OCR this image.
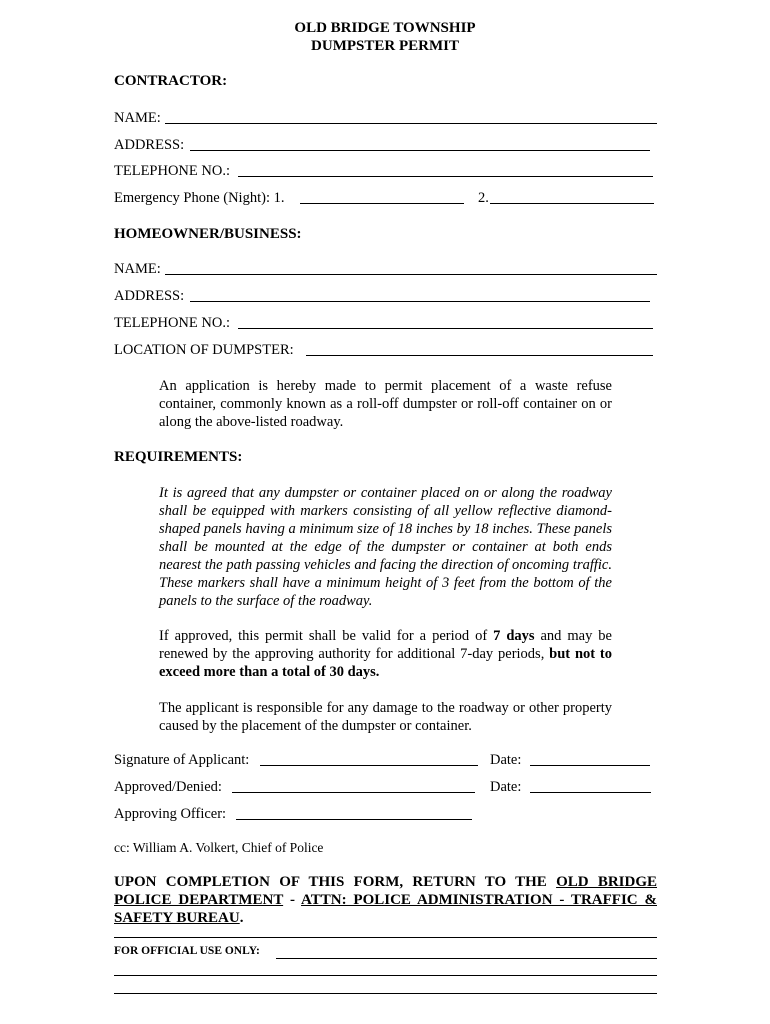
OLD BRIDGE TOWNSHIP
DUMPSTER PERMIT
CONTRACTOR:
NAME:
ADDRESS:
TELEPHONE NO.:
Emergency Phone (Night): 1.	2.
HOMEOWNER/BUSINESS:
NAME:
ADDRESS:
TELEPHONE NO.:
LOCATION OF DUMPSTER:
An application is hereby made to permit placement of a waste refuse container, commonly known as a roll-off dumpster or roll-off container on or along the above-listed roadway.
REQUIREMENTS:
It is agreed that any dumpster or container placed on or along the roadway shall be equipped with markers consisting of all yellow reflective diamond-shaped panels having a minimum size of 18 inches by 18 inches. These panels shall be mounted at the edge of the dumpster or container at both ends nearest the path passing vehicles and facing the direction of oncoming traffic. These markers shall have a minimum height of 3 feet from the bottom of the panels to the surface of the roadway.
If approved, this permit shall be valid for a period of 7 days and may be renewed by the approving authority for additional 7-day periods, but not to exceed more than a total of 30 days.
The applicant is responsible for any damage to the roadway or other property caused by the placement of the dumpster or container.
Signature of Applicant:	Date:
Approved/Denied:	Date:
Approving Officer:
cc: William A. Volkert, Chief of Police
UPON COMPLETION OF THIS FORM, RETURN TO THE OLD BRIDGE POLICE DEPARTMENT - ATTN: POLICE ADMINISTRATION - TRAFFIC & SAFETY BUREAU.
FOR OFFICIAL USE ONLY:
